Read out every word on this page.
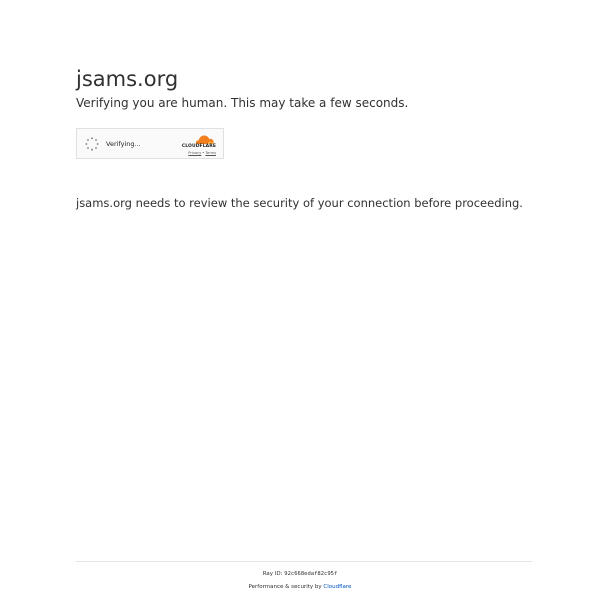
jsams.org

Verifying you are human. This may take a few seconds.

Verifying...	CLOUDFLARE
Privacy•Terms

jsams.org needs to review the security of your connection before proceeding.

Ray ID: 92c668edaf82c95f
Performance & security by Cloudflare
